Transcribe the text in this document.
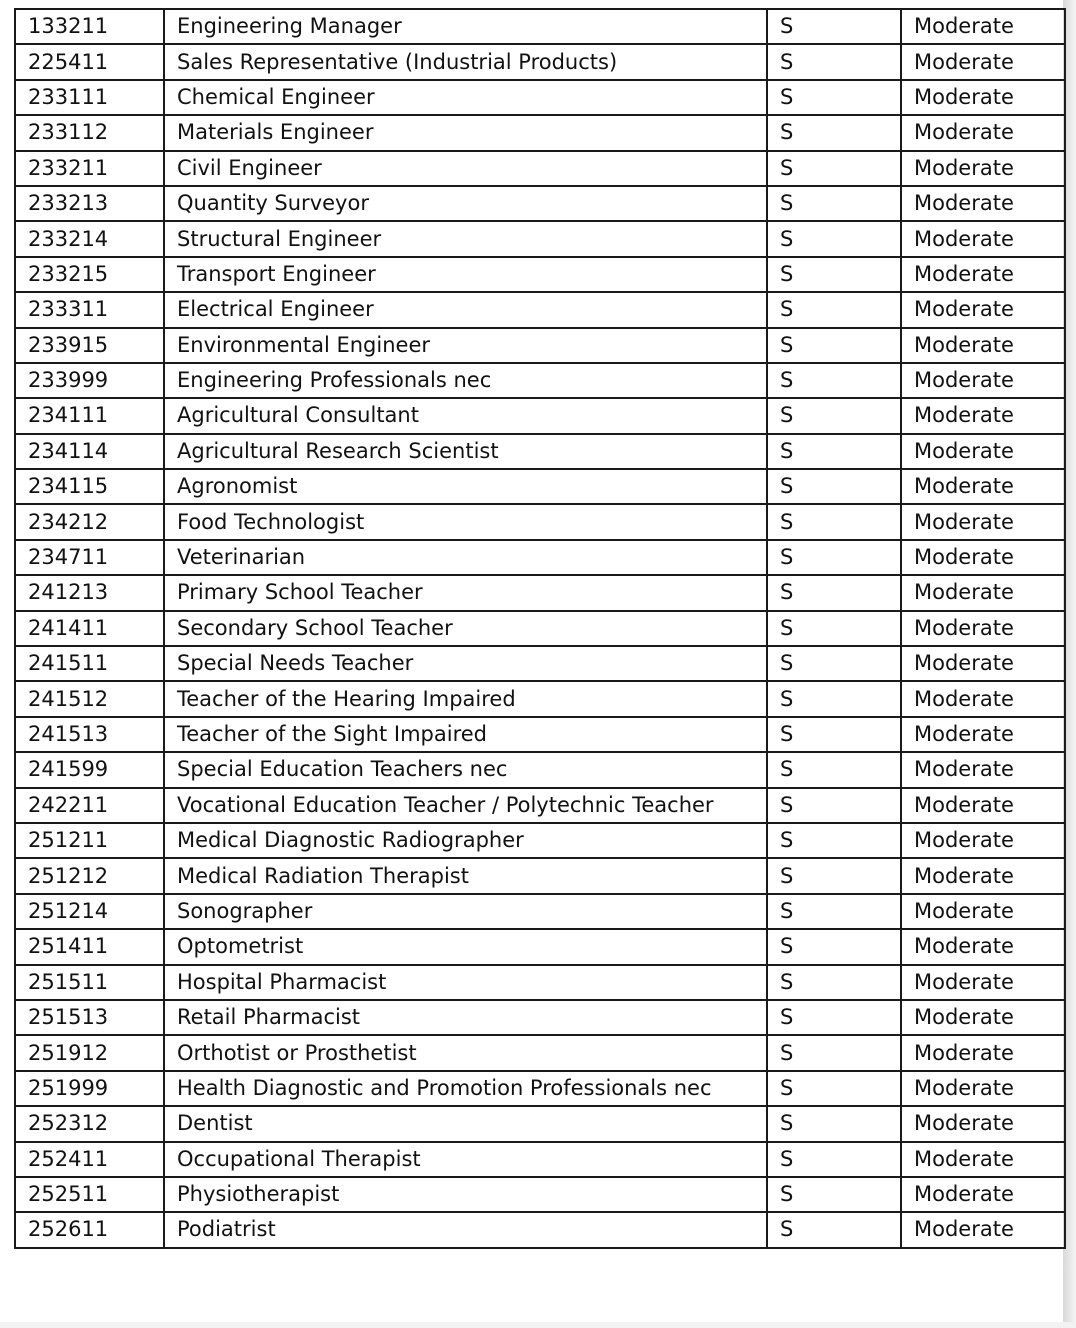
133211	Engineering Manager	S	Moderate
225411	Sales Representative (Industrial Products)	S	Moderate
233111	Chemical Engineer	S	Moderate
233112	Materials Engineer	S	Moderate
233211	Civil Engineer	S	Moderate
233213	Quantity Surveyor	S	Moderate
233214	Structural Engineer	S	Moderate
233215	Transport Engineer	S	Moderate
233311	Electrical Engineer	S	Moderate
233915	Environmental Engineer	S	Moderate
233999	Engineering Professionals nec	S	Moderate
234111	Agricultural Consultant	S	Moderate
234114	Agricultural Research Scientist	S	Moderate
234115	Agronomist	S	Moderate
234212	Food Technologist	S	Moderate
234711	Veterinarian	S	Moderate
241213	Primary School Teacher	S	Moderate
241411	Secondary School Teacher	S	Moderate
241511	Special Needs Teacher	S	Moderate
241512	Teacher of the Hearing Impaired	S	Moderate
241513	Teacher of the Sight Impaired	S	Moderate
241599	Special Education Teachers nec	S	Moderate
242211	Vocational Education Teacher / Polytechnic Teacher	S	Moderate
251211	Medical Diagnostic Radiographer	S	Moderate
251212	Medical Radiation Therapist	S	Moderate
251214	Sonographer	S	Moderate
251411	Optometrist	S	Moderate
251511	Hospital Pharmacist	S	Moderate
251513	Retail Pharmacist	S	Moderate
251912	Orthotist or Prosthetist	S	Moderate
251999	Health Diagnostic and Promotion Professionals nec	S	Moderate
252312	Dentist	S	Moderate
252411	Occupational Therapist	S	Moderate
252511	Physiotherapist	S	Moderate
252611	Podiatrist	S	Moderate
